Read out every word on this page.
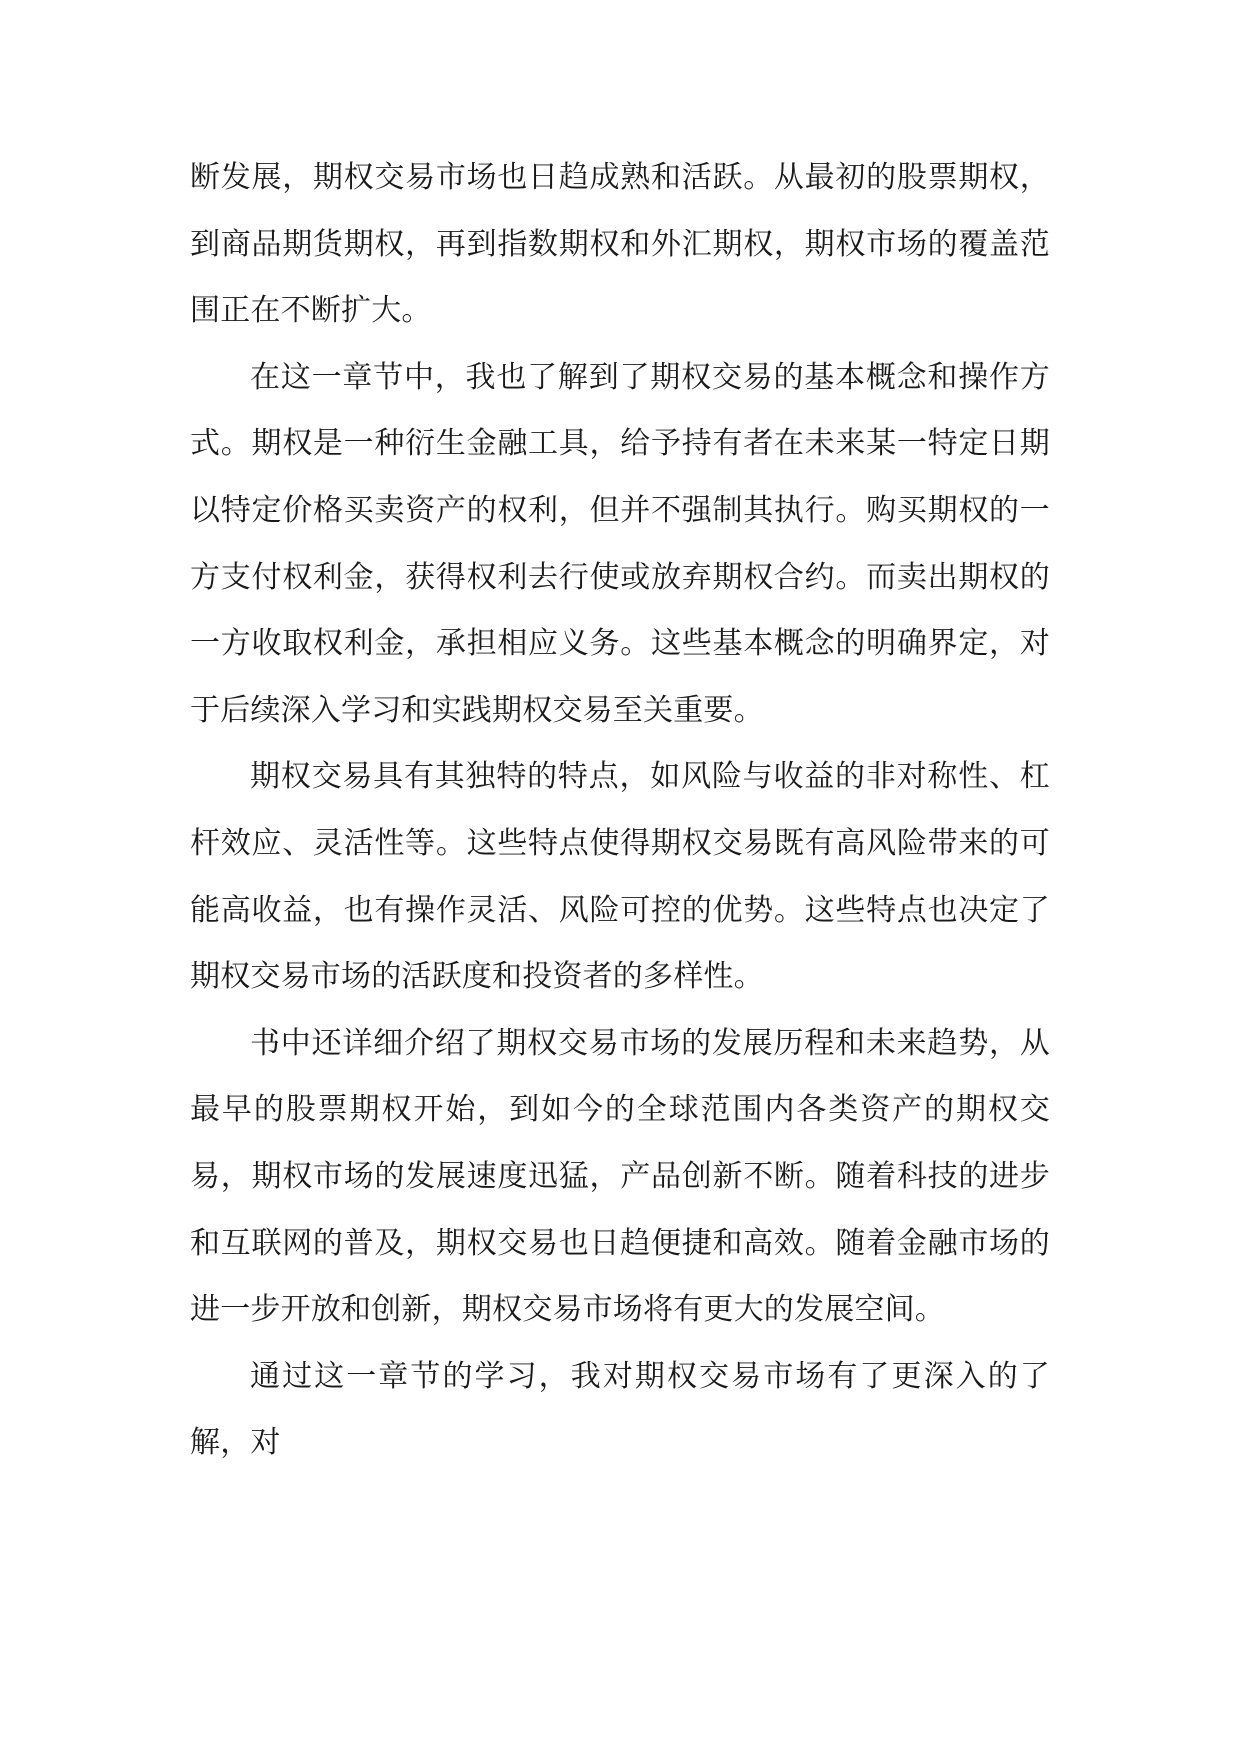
断发展，期权交易市场也日趋成熟和活跃。从最初的股票期权，到商品期货期权，再到指数期权和外汇期权，期权市场的覆盖范围正在不断扩大。

在这一章节中，我也了解到了期权交易的基本概念和操作方式。期权是一种衍生金融工具，给予持有者在未来某一特定日期以特定价格买卖资产的权利，但并不强制其执行。购买期权的一方支付权利金，获得权利去行使或放弃期权合约。而卖出期权的一方收取权利金，承担相应义务。这些基本概念的明确界定，对于后续深入学习和实践期权交易至关重要。

期权交易具有其独特的特点，如风险与收益的非对称性、杠杆效应、灵活性等。这些特点使得期权交易既有高风险带来的可能高收益，也有操作灵活、风险可控的优势。这些特点也决定了期权交易市场的活跃度和投资者的多样性。

书中还详细介绍了期权交易市场的发展历程和未来趋势，从最早的股票期权开始，到如今的全球范围内各类资产的期权交易，期权市场的发展速度迅猛，产品创新不断。随着科技的进步和互联网的普及，期权交易也日趋便捷和高效。随着金融市场的进一步开放和创新，期权交易市场将有更大的发展空间。

通过这一章节的学习，我对期权交易市场有了更深入的了解，对
